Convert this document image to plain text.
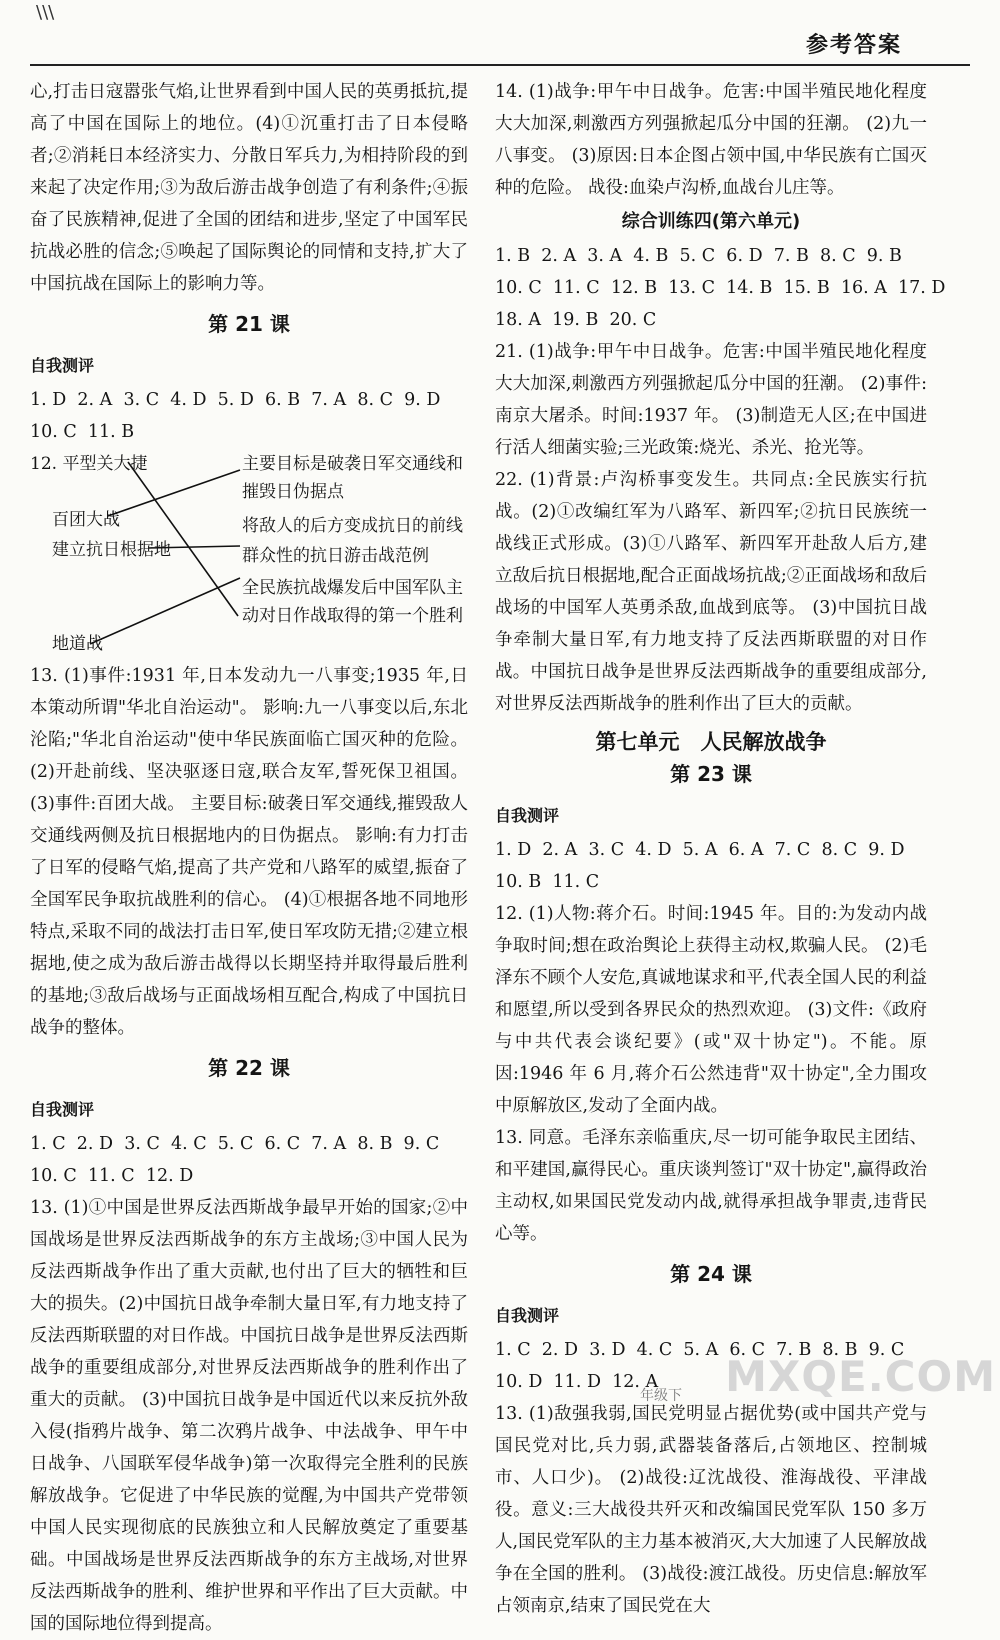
\\\
参考答案

心,打击日寇嚣张气焰,让世界看到中国人民的英勇抵抗,提高了中国在国际上的地位。(4)①沉重打击了日本侵略者;②消耗日本经济实力、分散日军兵力,为相持阶段的到来起了决定作用;③为敌后游击战争创造了有利条件;④振奋了民族精神,促进了全国的团结和进步,坚定了中国军民抗战必胜的信念;⑤唤起了国际舆论的同情和支持,扩大了中国抗战在国际上的影响力等。

第 21 课
自我测评
1. D  2. A  3. C  4. D  5. D  6. B  7. A  8. C  9. D
10. C  11. B
12. 平型关大捷
百团大战
建立抗日根据地
地道战
主要目标是破袭日军交通线和摧毁日伪据点
将敌人的后方变成抗日的前线
群众性的抗日游击战范例
全民族抗战爆发后中国军队主动对日作战取得的第一个胜利

13. (1)事件:1931 年,日本发动九一八事变;1935 年,日本策动所谓"华北自治运动"。 影响:九一八事变以后,东北沦陷;"华北自治运动"使中华民族面临亡国灭种的危险。 (2)开赴前线、坚决驱逐日寇,联合友军,誓死保卫祖国。 (3)事件:百团大战。 主要目标:破袭日军交通线,摧毁敌人交通线两侧及抗日根据地内的日伪据点。 影响:有力打击了日军的侵略气焰,提高了共产党和八路军的威望,振奋了全国军民争取抗战胜利的信心。 (4)①根据各地不同地形特点,采取不同的战法打击日军,使日军攻防无措;②建立根据地,使之成为敌后游击战得以长期坚持并取得最后胜利的基地;③敌后战场与正面战场相互配合,构成了中国抗日战争的整体。

第 22 课
自我测评
1. C  2. D  3. C  4. C  5. C  6. C  7. A  8. B  9. C
10. C  11. C  12. D

13. (1)①中国是世界反法西斯战争最早开始的国家;②中国战场是世界反法西斯战争的东方主战场;③中国人民为反法西斯战争作出了重大贡献,也付出了巨大的牺牲和巨大的损失。(2)中国抗日战争牵制大量日军,有力地支持了反法西斯联盟的对日作战。中国抗日战争是世界反法西斯战争的重要组成部分,对世界反法西斯战争的胜利作出了重大的贡献。 (3)中国抗日战争是中国近代以来反抗外敌入侵(指鸦片战争、第二次鸦片战争、中法战争、甲午中日战争、八国联军侵华战争)第一次取得完全胜利的民族解放战争。它促进了中华民族的觉醒,为中国共产党带领中国人民实现彻底的民族独立和人民解放奠定了重要基础。中国战场是世界反法西斯战争的东方主战场,对世界反法西斯战争的胜利、维护世界和平作出了巨大贡献。中国的国际地位得到提高。

14. (1)战争:甲午中日战争。危害:中国半殖民地化程度大大加深,刺激西方列强掀起瓜分中国的狂潮。 (2)九一八事变。 (3)原因:日本企图占领中国,中华民族有亡国灭种的危险。 战役:血染卢沟桥,血战台儿庄等。

综合训练四(第六单元)
1. B  2. A  3. A  4. B  5. C  6. D  7. B  8. C  9. B
10. C  11. C  12. B  13. C  14. B  15. B  16. A  17. D
18. A  19. B  20. C

21. (1)战争:甲午中日战争。危害:中国半殖民地化程度大大加深,刺激西方列强掀起瓜分中国的狂潮。 (2)事件:南京大屠杀。时间:1937 年。 (3)制造无人区;在中国进行活人细菌实验;三光政策:烧光、杀光、抢光等。

22. (1)背景:卢沟桥事变发生。共同点:全民族实行抗战。(2)①改编红军为八路军、新四军;②抗日民族统一战线正式形成。(3)①八路军、新四军开赴敌人后方,建立敌后抗日根据地,配合正面战场抗战;②正面战场和敌后战场的中国军人英勇杀敌,血战到底等。 (3)中国抗日战争牵制大量日军,有力地支持了反法西斯联盟的对日作战。中国抗日战争是世界反法西斯战争的重要组成部分,对世界反法西斯战争的胜利作出了巨大的贡献。

第七单元　人民解放战争
第 23 课
自我测评
1. D  2. A  3. C  4. D  5. A  6. A  7. C  8. C  9. D
10. B  11. C

12. (1)人物:蒋介石。时间:1945 年。目的:为发动内战争取时间;想在政治舆论上获得主动权,欺骗人民。 (2)毛泽东不顾个人安危,真诚地谋求和平,代表全国人民的利益和愿望,所以受到各界民众的热烈欢迎。 (3)文件:《政府与中共代表会谈纪要》(或"双十协定")。不能。原因:1946 年 6 月,蒋介石公然违背"双十协定",全力围攻中原解放区,发动了全面内战。

13. 同意。毛泽东亲临重庆,尽一切可能争取民主团结、和平建国,赢得民心。重庆谈判签订"双十协定",赢得政治主动权,如果国民党发动内战,就得承担战争罪责,违背民心等。

第 24 课
自我测评
1. C  2. D  3. D  4. C  5. A  6. C  7. B  8. B  9. C
10. D  11. D  12. A

13. (1)敌强我弱,国民党明显占据优势(或中国共产党与国民党对比,兵力弱,武器装备落后,占领地区、控制城市、人口少)。 (2)战役:辽沈战役、淮海战役、平津战役。意义:三大战役共歼灭和改编国民党军队 150 多万人,国民党军队的主力基本被消灭,大大加速了人民解放战争在全国的胜利。 (3)战役:渡江战役。历史信息:解放军占领南京,结束了国民党在大

年级下 MXQE.COM
